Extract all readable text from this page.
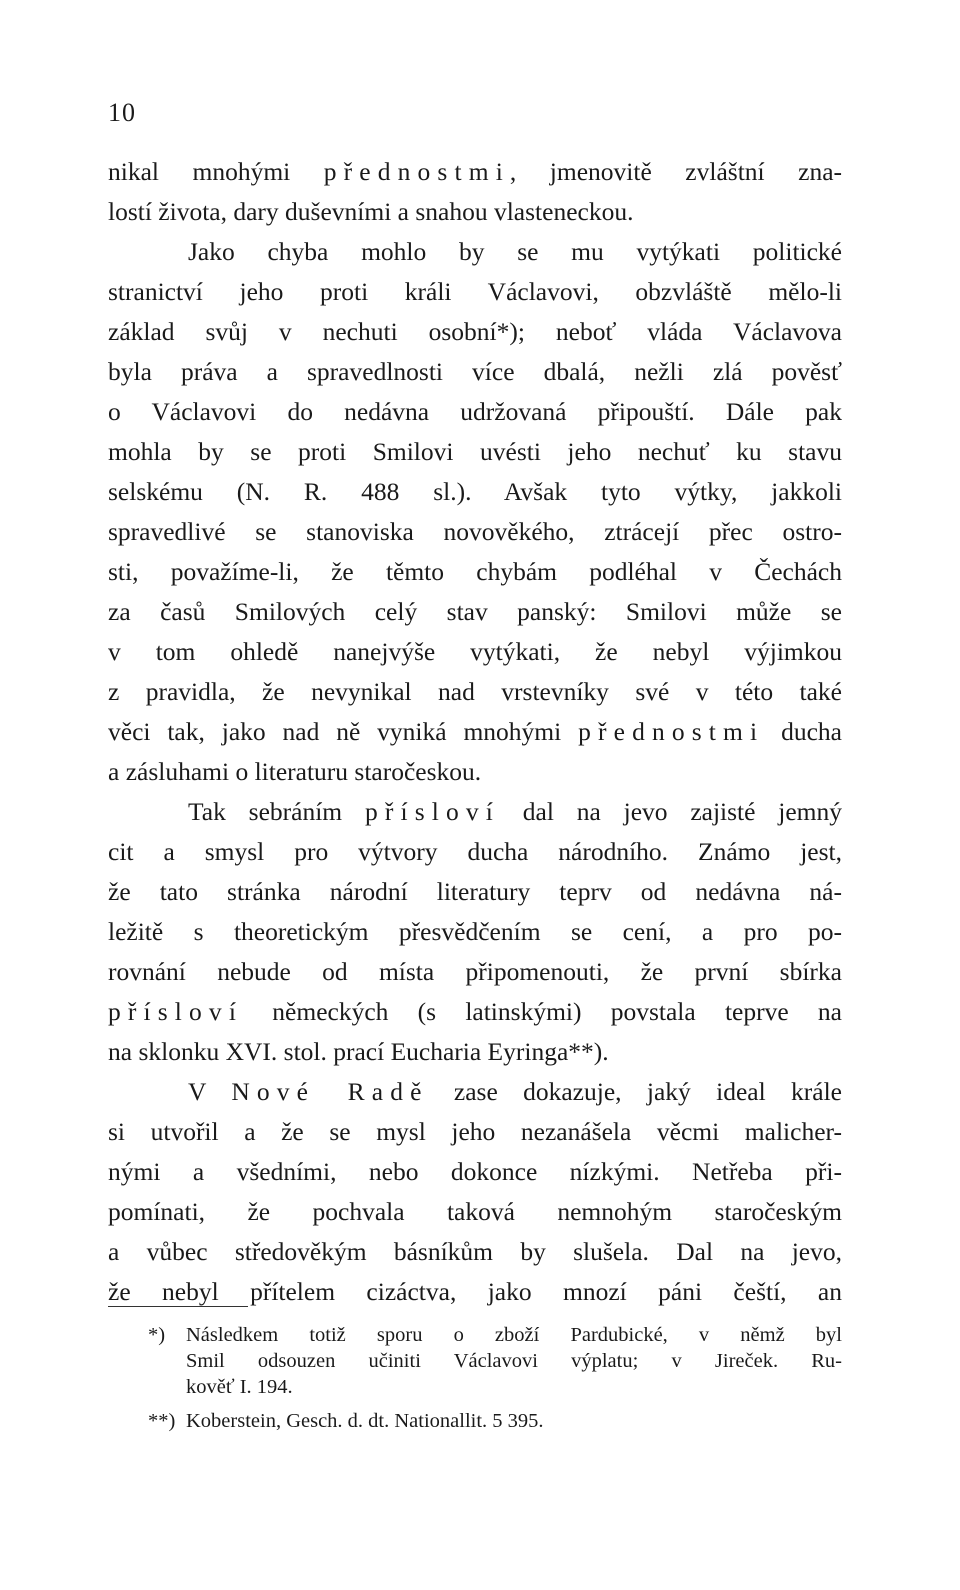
10
nikal mnohými přednostmi, jmenovitě zvláštní zna-
lostí života, dary duševními a snahou vlasteneckou.
Jako chyba mohlo by se mu vytýkati politické
stranictví jeho proti králi Václavovi, obzvláště mělo-li
základ svůj v nechuti osobní*); neboť vláda Václavova
byla práva a spravedlnosti více dbalá, nežli zlá pověsť
o Václavovi do nedávna udržovaná připouští. Dále pak
mohla by se proti Smilovi uvésti jeho nechuť ku stavu
selskému (N. R. 488 sl.). Avšak tyto výtky, jakkoli
spravedlivé se stanoviska novověkého, ztrácejí přec ostro-
sti, považíme-li, že těmto chybám podléhal v Čechách
za časů Smilových celý stav panský: Smilovi může se
v tom ohledě nanejvýše vytýkati, že nebyl výjimkou
z pravidla, že nevynikal nad vrstevníky své v této také
věci tak, jako nad ně vyniká mnohými přednostmi ducha
a zásluhami o literaturu staročeskou.
Tak sebráním přísloví dal na jevo zajisté jemný
cit a smysl pro výtvory ducha národního. Známo jest,
že tato stránka národní literatury teprv od nedávna ná-
ležitě s theoretickým přesvědčením se cení, a pro po-
rovnání nebude od místa připomenouti, že první sbírka
přísloví německých (s latinskými) povstala teprve na
na sklonku XVI. stol. prací Eucharia Eyringa**).
V Nové Radě zase dokazuje, jaký ideal krále
si utvořil a že se mysl jeho nezanášela věcmi malicher-
nými a všedními, nebo dokonce nízkými. Netřeba při-
pomínati, že pochvala taková nemnohým staročeským
a vůbec středověkým básníkům by slušela. Dal na jevo,
že nebyl přítelem cizáctva, jako mnozí páni čeští, an
*) Následkem totiž sporu o zboží Pardubické, v němž byl
Smil odsouzen učiniti Václavovi výplatu; v Jireček. Ru-
kověť I. 194.
**) Koberstein, Gesch. d. dt. Nationallit. 5 395.
